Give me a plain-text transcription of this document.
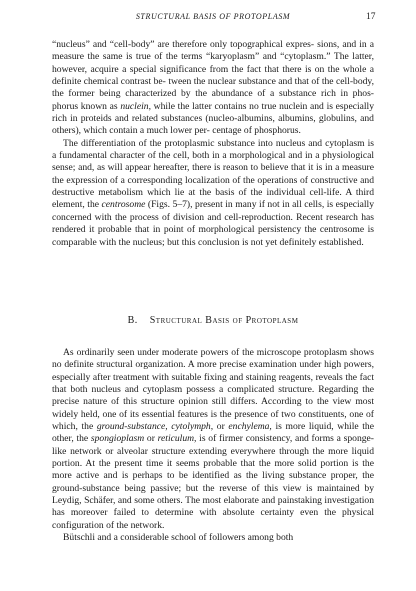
STRUCTURAL BASIS OF PROTOPLASM	17

“nucleus” and “cell-body” are therefore only topographical expres- sions, and in a measure the same is true of the terms “karyoplasm” and “cytoplasm.” The latter, however, acquire a special significance from the fact that there is on the whole a definite chemical contrast be- tween the nuclear substance and that of the cell-body, the former being characterized by the abundance of a substance rich in phos- phorus known as nuclein, while the latter contains no true nuclein and is especially rich in proteids and related substances (nucleo-albumins, albumins, globulins, and others), which contain a much lower per- centage of phosphorus.

The differentiation of the protoplasmic substance into nucleus and cytoplasm is a fundamental character of the cell, both in a morphological and in a physiological sense; and, as will appear hereafter, there is reason to believe that it is in a measure the expression of a corresponding localization of the operations of constructive and destructive metabolism which lie at the basis of the individual cell-life. A third element, the centrosome (Figs. 5–7), present in many if not in all cells, is especially concerned with the process of division and cell-reproduction. Recent research has rendered it probable that in point of morphological persistency the centrosome is comparable with the nucleus; but this conclusion is not yet definitely established.

B. Structural Basis of Protoplasm

As ordinarily seen under moderate powers of the microscope protoplasm shows no definite structural organization. A more precise examination under high powers, especially after treatment with suitable fixing and staining reagents, reveals the fact that both nucleus and cytoplasm possess a complicated structure. Regarding the precise nature of this structure opinion still differs. According to the view most widely held, one of its essential features is the presence of two constituents, one of which, the ground-substance, cytolymph, or enchylema, is more liquid, while the other, the spongioplasm or reticulum, is of firmer consistency, and forms a sponge-like network or alveolar structure extending everywhere through the more liquid portion. At the present time it seems probable that the more solid portion is the more active and is perhaps to be identified as the living substance proper, the ground-substance being passive; but the reverse of this view is maintained by Leydig, Schäfer, and some others. The most elaborate and painstaking investigation has moreover failed to determine with absolute certainty even the physical configuration of the network.

Bütschli and a considerable school of followers among both
